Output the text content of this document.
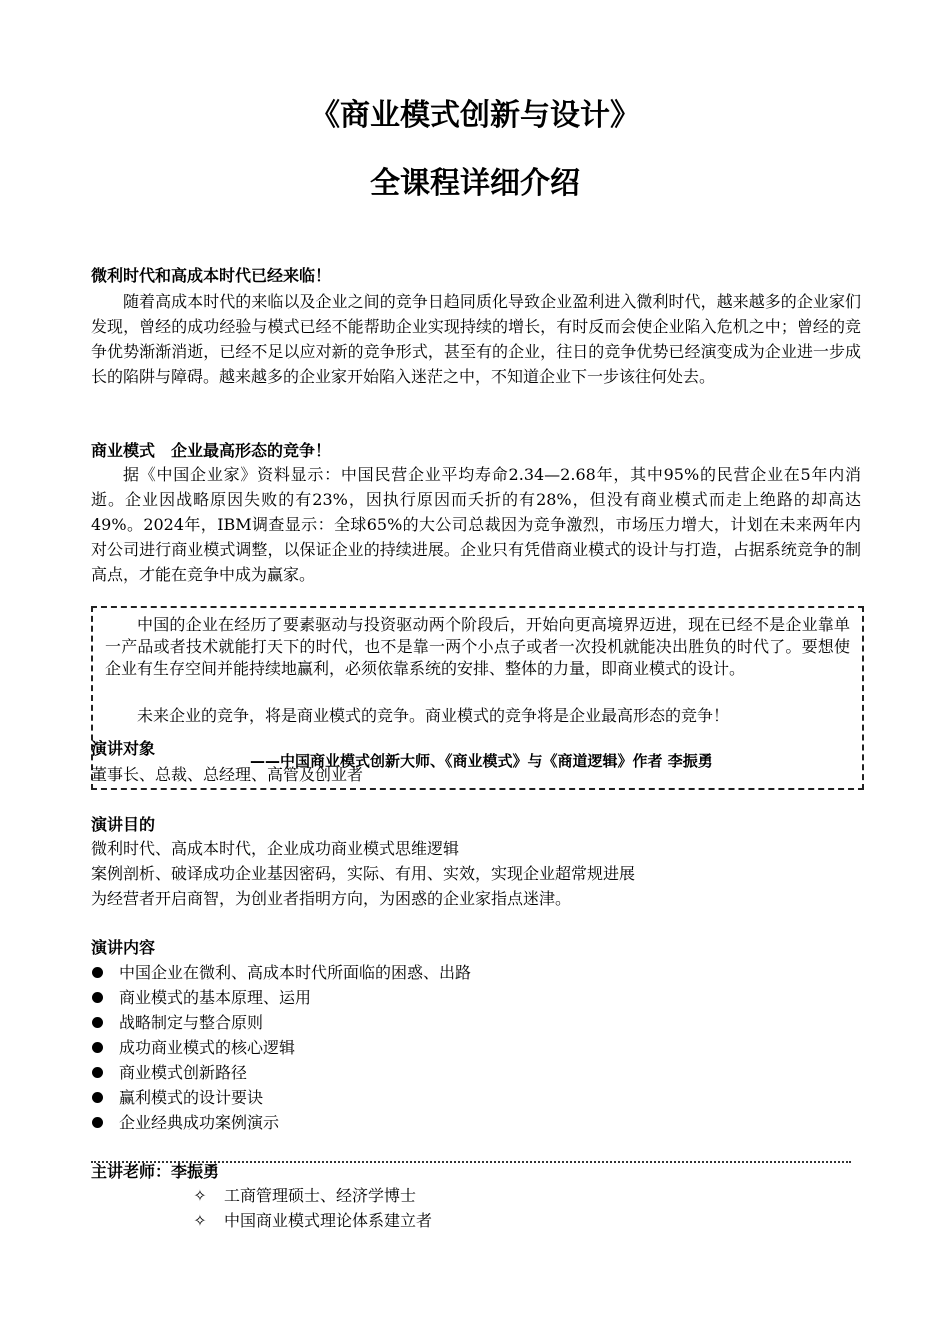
《商业模式创新与设计》
全课程详细介绍
微利时代和高成本时代已经来临！
随着高成本时代的来临以及企业之间的竞争日趋同质化导致企业盈利进入微利时代，越来越多的企业家们发现，曾经的成功经验与模式已经不能帮助企业实现持续的增长，有时反而会使企业陷入危机之中；曾经的竞争优势渐渐消逝，已经不足以应对新的竞争形式，甚至有的企业，往日的竞争优势已经演变成为企业进一步成长的陷阱与障碍。越来越多的企业家开始陷入迷茫之中，不知道企业下一步该往何处去。
商业模式　企业最高形态的竞争！
据《中国企业家》资料显示：中国民营企业平均寿命2.34—2.68年，其中95%的民营企业在5年内消逝。企业因战略原因失败的有23%，因执行原因而夭折的有28%，但没有商业模式而走上绝路的却高达49%。2024年，IBM调查显示：全球65%的大公司总裁因为竞争激烈，市场压力增大，计划在未来两年内对公司进行商业模式调整，以保证企业的持续进展。企业只有凭借商业模式的设计与打造，占据系统竞争的制高点，才能在竞争中成为赢家。
中国的企业在经历了要素驱动与投资驱动两个阶段后，开始向更高境界迈进，现在已经不是企业靠单一产品或者技术就能打天下的时代，也不是靠一两个小点子或者一次投机就能决出胜负的时代了。要想使企业有生存空间并能持续地赢利，必须依靠系统的安排、整体的力量，即商业模式的设计。
未来企业的竞争，将是商业模式的竞争。商业模式的竞争将是企业最高形态的竞争！
演讲对象
董事长、总裁、总经理、高管及创业者
——中国商业模式创新大师、《商业模式》与《商道逻辑》作者 李振勇
演讲目的
微利时代、高成本时代，企业成功商业模式思维逻辑
案例剖析、破译成功企业基因密码，实际、有用、实效，实现企业超常规进展
为经营者开启商智，为创业者指明方向，为困惑的企业家指点迷津。
演讲内容
中国企业在微利、高成本时代所面临的困惑、出路
商业模式的基本原理、运用
战略制定与整合原则
成功商业模式的核心逻辑
商业模式创新路径
赢利模式的设计要诀
企业经典成功案例演示
主讲老师：李振勇
✧ 工商管理硕士、经济学博士
✧ 中国商业模式理论体系建立者
